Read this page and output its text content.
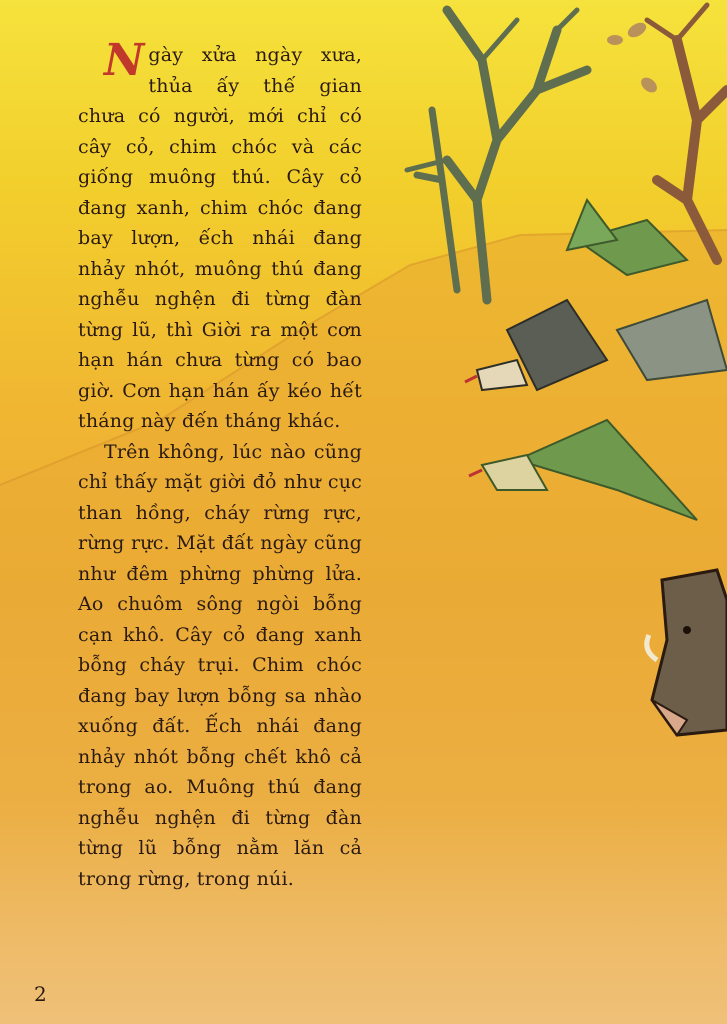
Ngày xửa ngày xưa, thủa ấy thế gian chưa có người, mới chỉ có cây cỏ, chim chóc và các giống muông thú. Cây cỏ đang xanh, chim chóc đang bay lượn, ếch nhái đang nhảy nhót, muông thú đang nghễu nghện đi từng đàn từng lũ, thì Giời ra một cơn hạn hán chưa từng có bao giờ. Cơn hạn hán ấy kéo hết tháng này đến tháng khác.

Trên không, lúc nào cũng chỉ thấy mặt giời đỏ như cục than hồng, cháy rừng rực, rừng rực. Mặt đất ngày cũng như đêm phừng phừng lửa. Ao chuôm sông ngòi bỗng cạn khô. Cây cỏ đang xanh bỗng cháy trụi. Chim chóc đang bay lượn bỗng sa nhào xuống đất. Ếch nhái đang nhảy nhót bỗng chết khô cả trong ao. Muông thú đang nghễu nghện đi từng đàn từng lũ bỗng nằm lăn cả trong rừng, trong núi.

2
